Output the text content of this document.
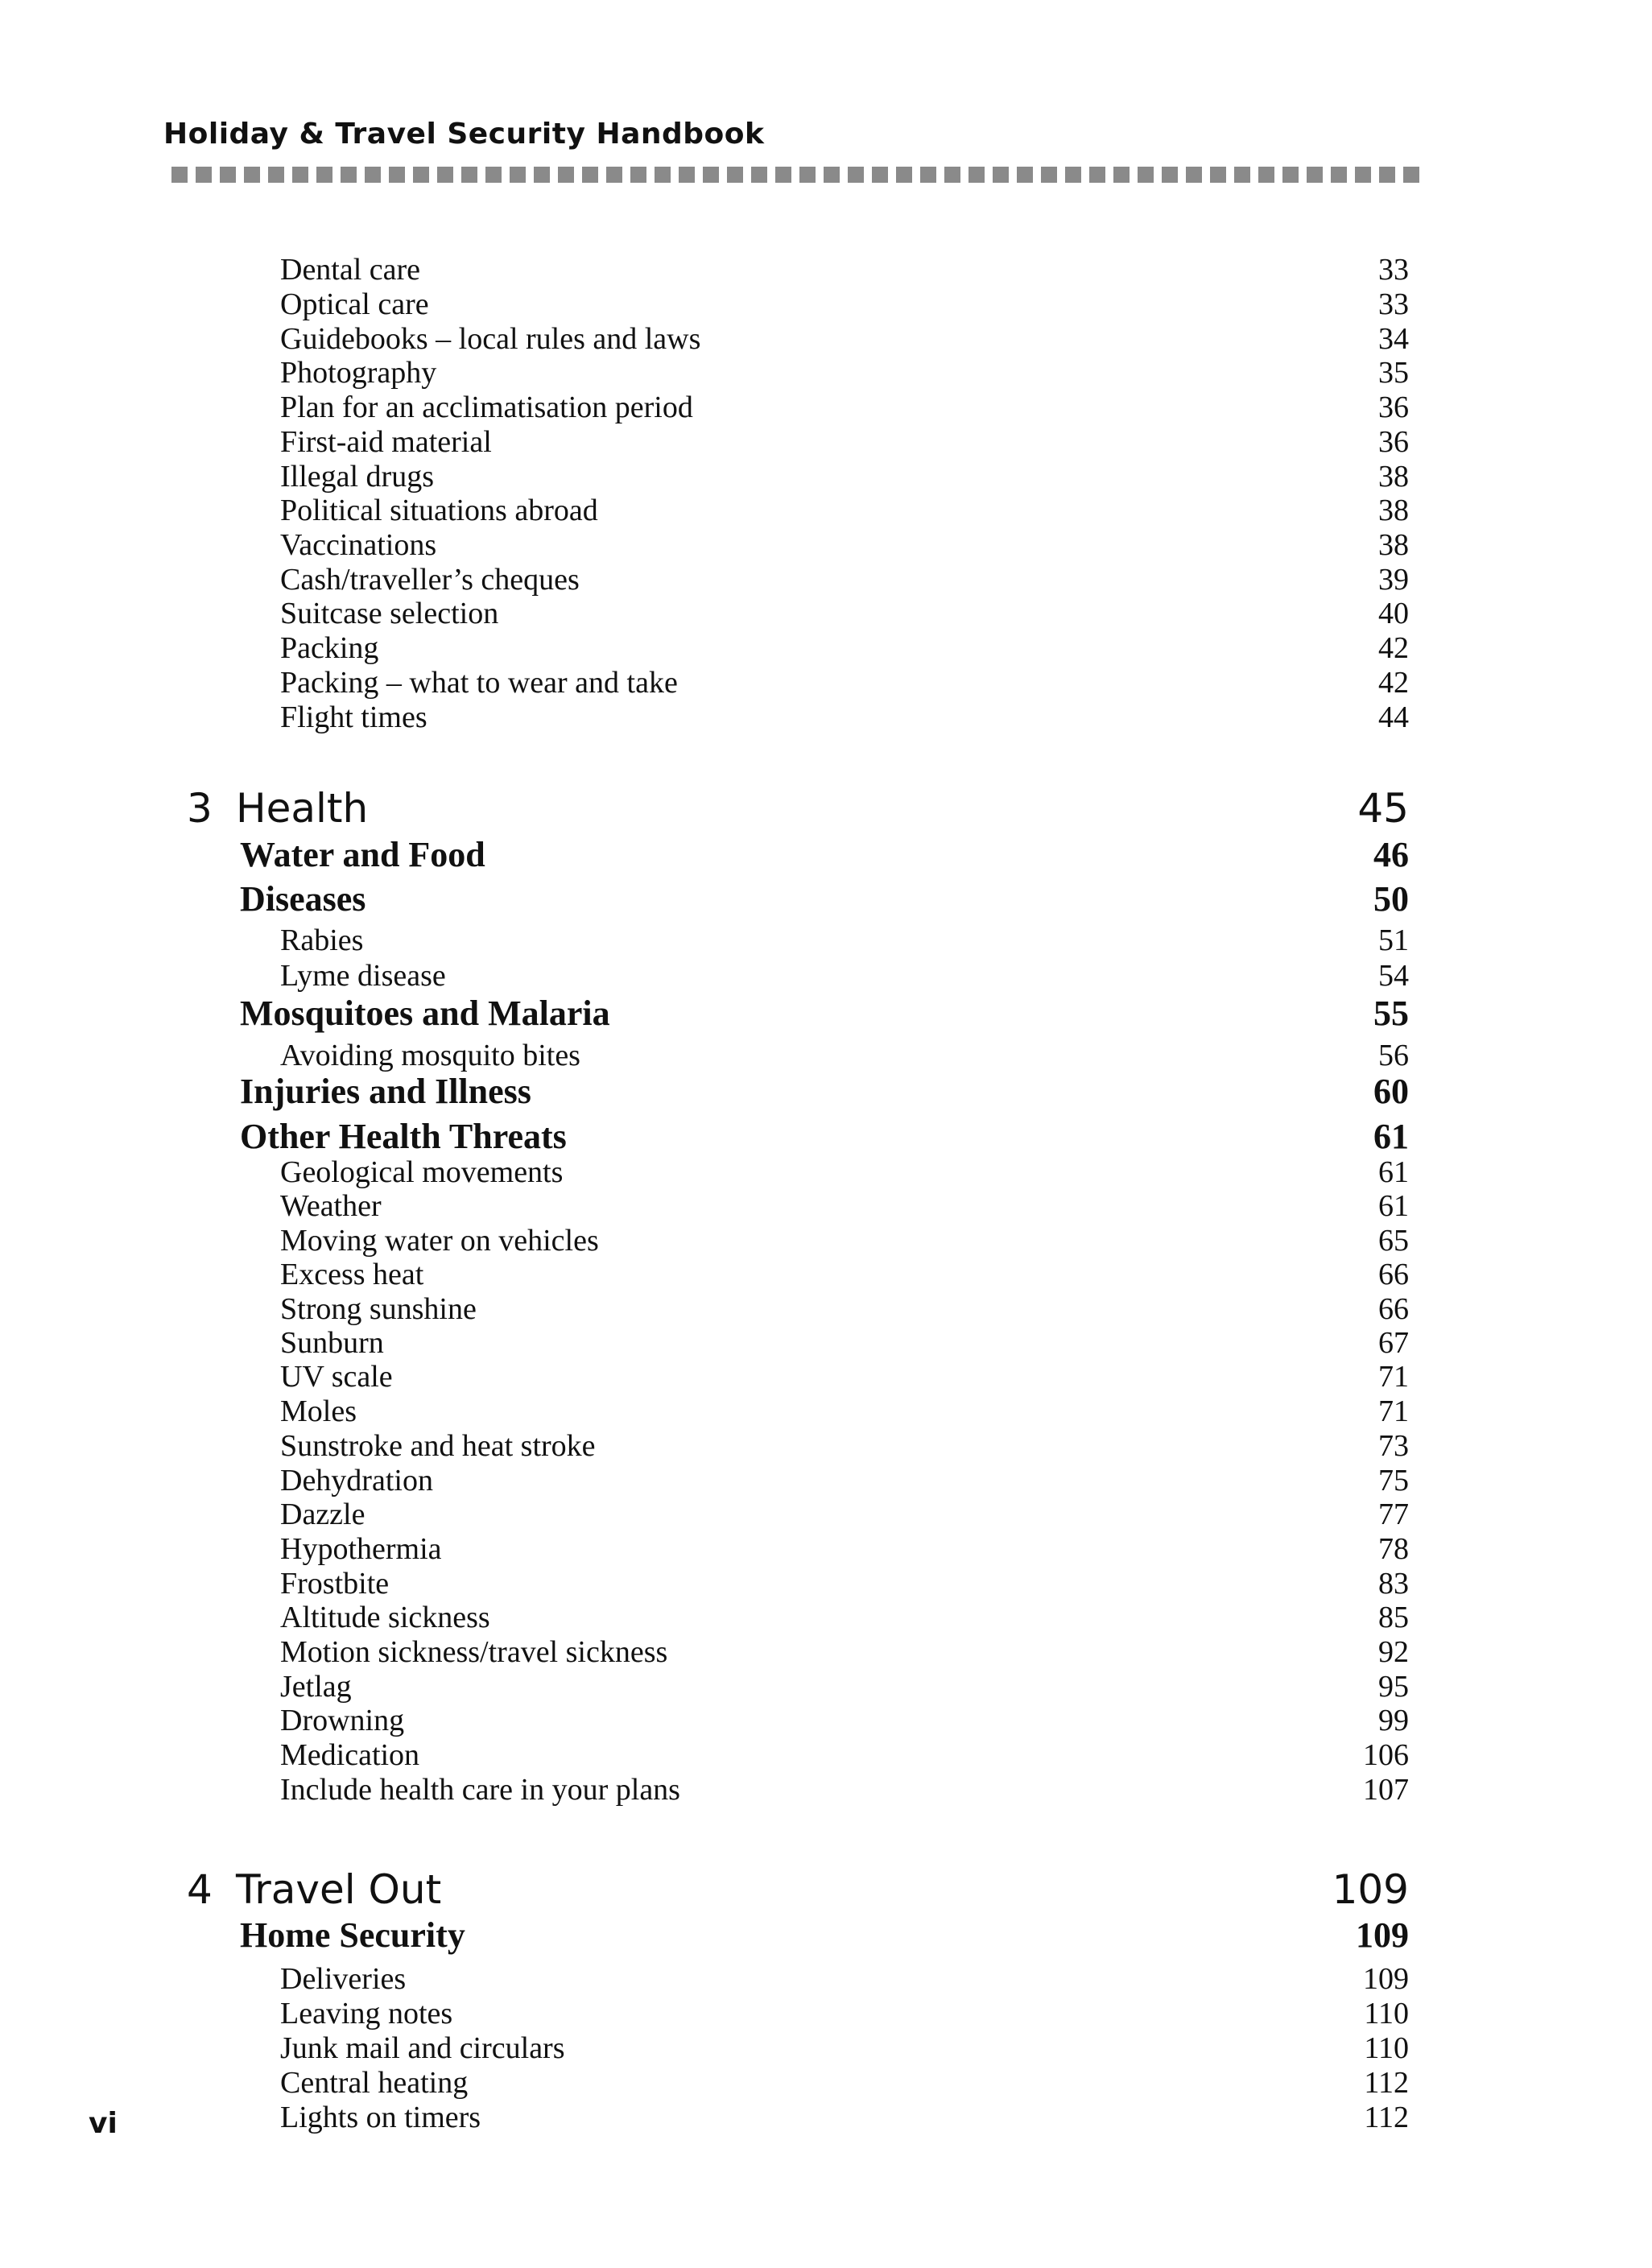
Holiday & Travel Security Handbook
Dental care	33
Optical care	33
Guidebooks – local rules and laws	34
Photography	35
Plan for an acclimatisation period	36
First-aid material	36
Illegal drugs	38
Political situations abroad	38
Vaccinations	38
Cash/traveller’s cheques	39
Suitcase selection	40
Packing	42
Packing – what to wear and take	42
Flight times	44
3 Health	45
Water and Food	46
Diseases	50
Rabies	51
Lyme disease	54
Mosquitoes and Malaria	55
Avoiding mosquito bites	56
Injuries and Illness	60
Other Health Threats	61
Geological movements	61
Weather	61
Moving water on vehicles	65
Excess heat	66
Strong sunshine	66
Sunburn	67
UV scale	71
Moles	71
Sunstroke and heat stroke	73
Dehydration	75
Dazzle	77
Hypothermia	78
Frostbite	83
Altitude sickness	85
Motion sickness/travel sickness	92
Jetlag	95
Drowning	99
Medication	106
Include health care in your plans	107
4 Travel Out	109
Home Security	109
Deliveries	109
Leaving notes	110
Junk mail and circulars	110
Central heating	112
Lights on timers	112
vi
